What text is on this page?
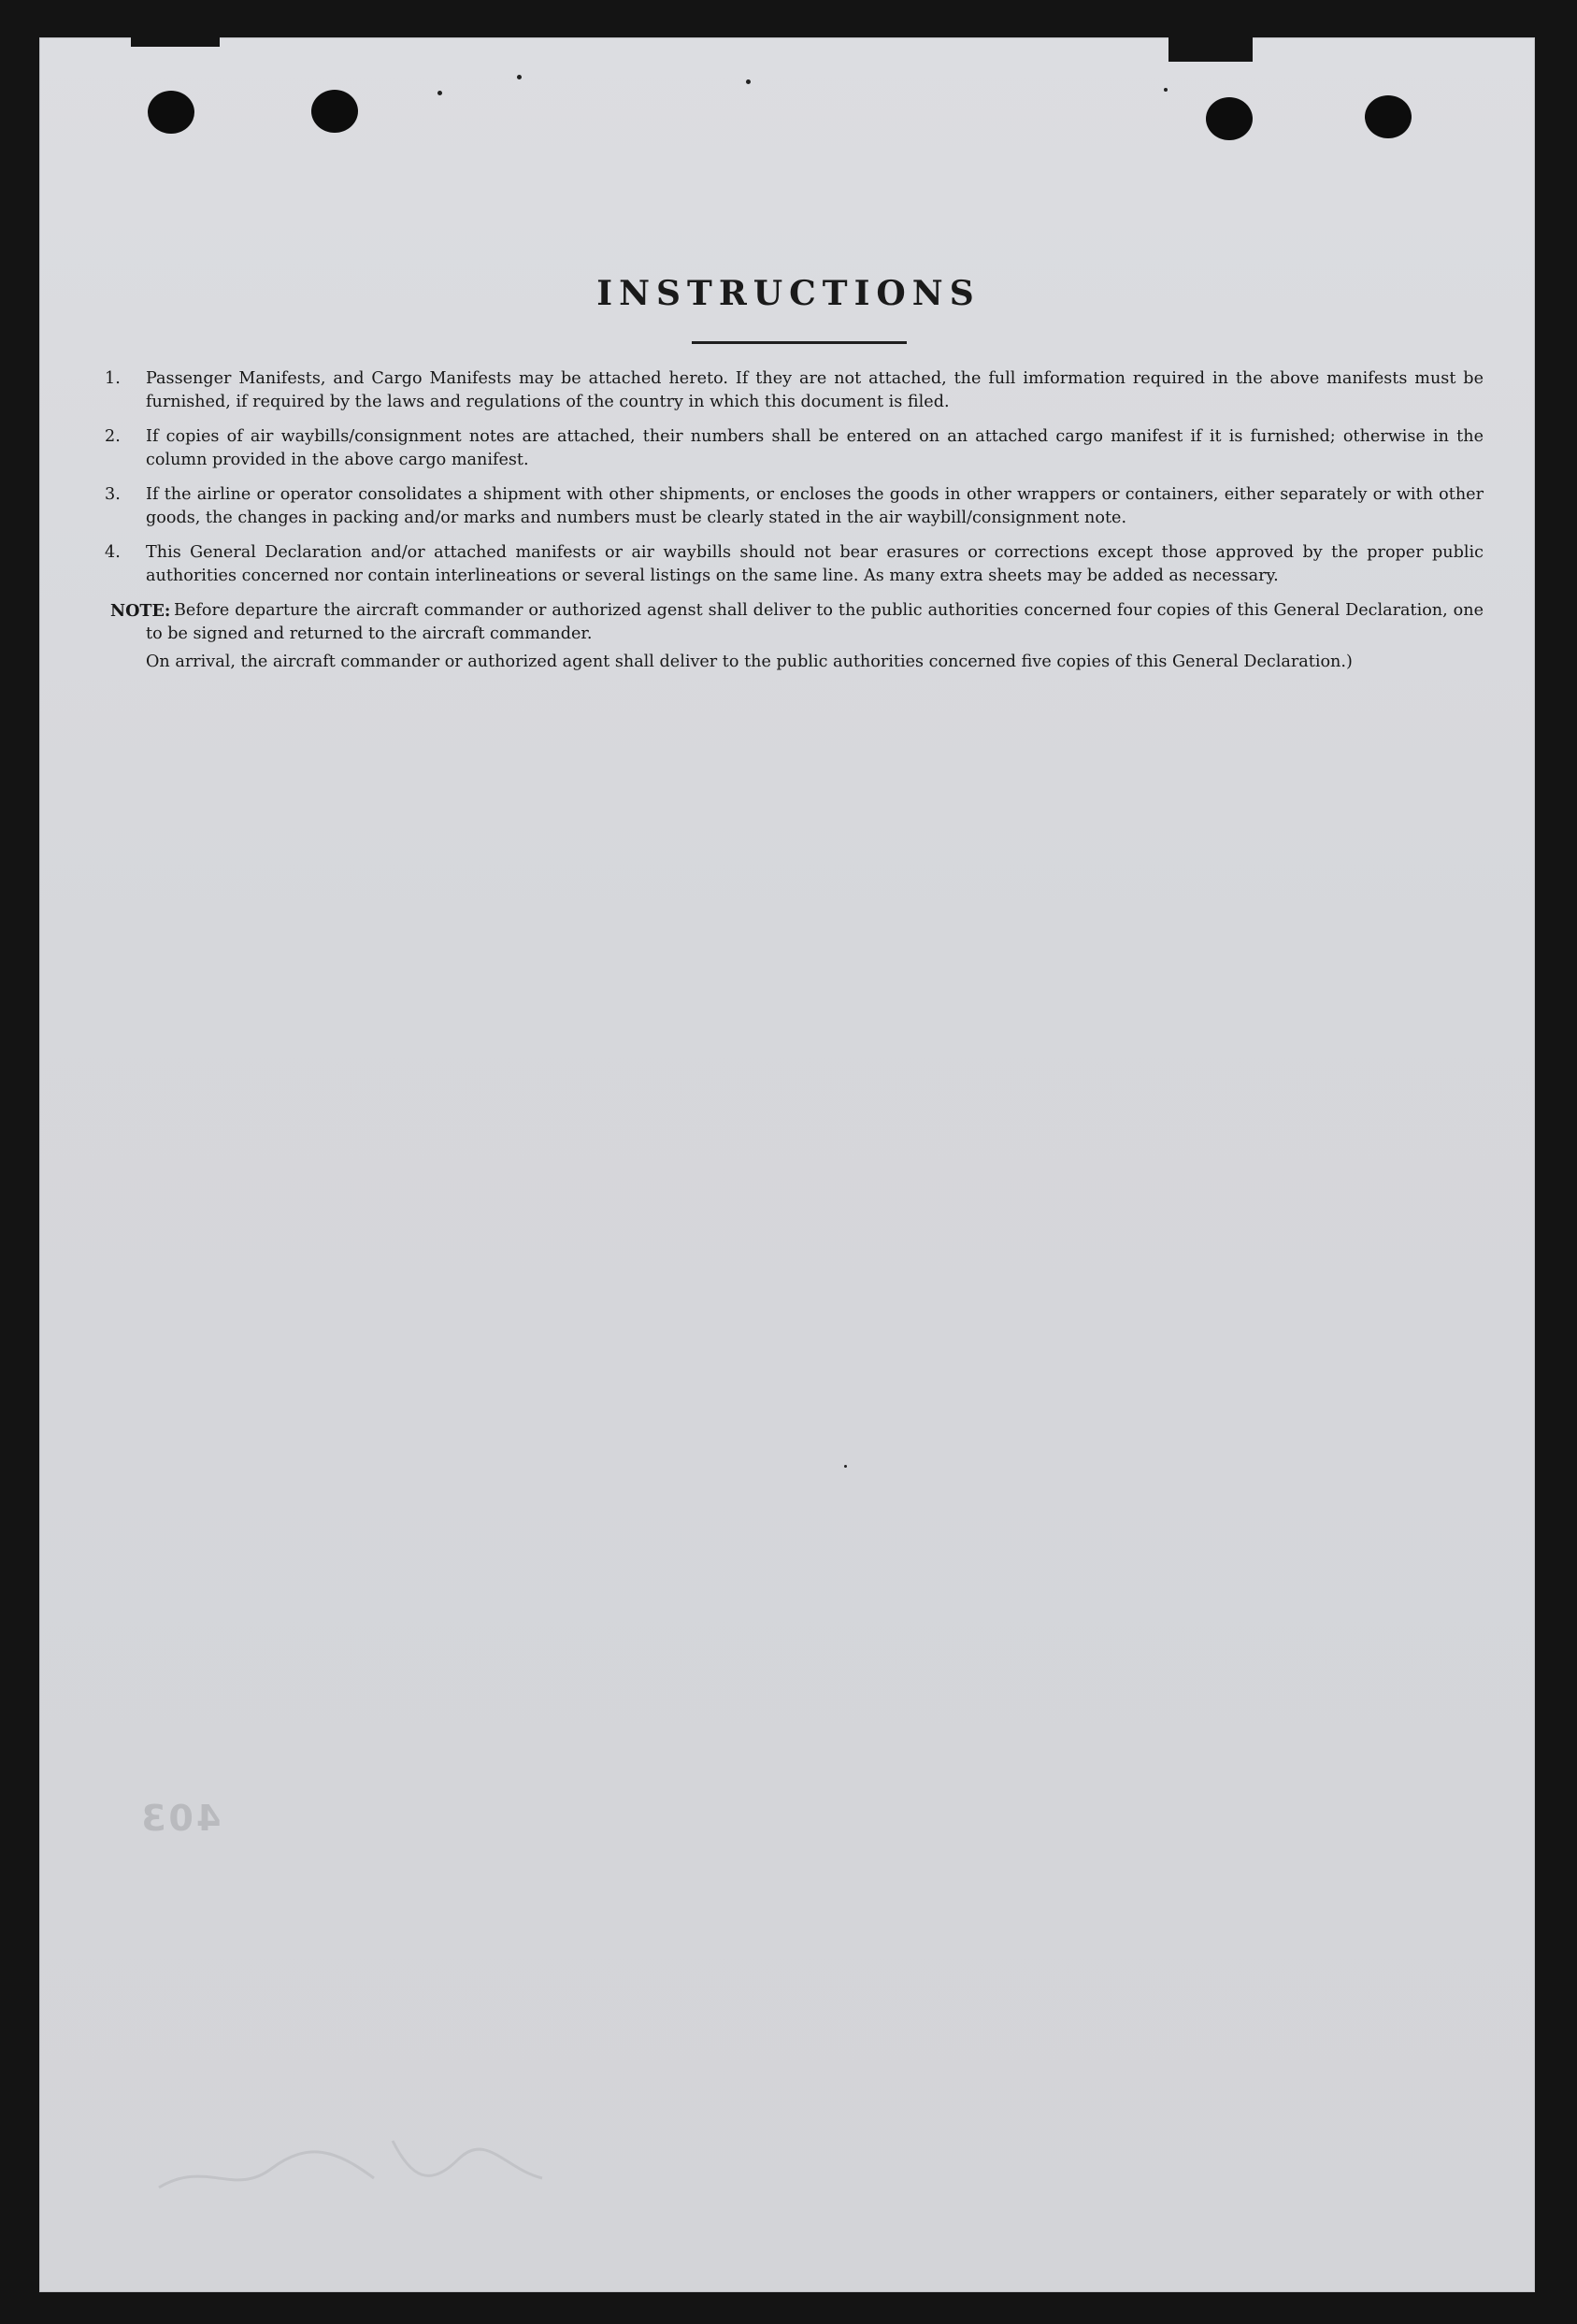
INSTRUCTIONS
1. Passenger Manifests, and Cargo Manifests may be attached hereto. If they are not attached, the full imformation required in the above manifests must be furnished, if required by the laws and regulations of the country in which this document is filed.
2. If copies of air waybills/consignment notes are attached, their numbers shall be entered on an attached cargo manifest if it is furnished; otherwise in the column provided in the above cargo manifest.
3. If the airline or operator consolidates a shipment with other shipments, or encloses the goods in other wrappers or containers, either separately or with other goods, the changes in packing and/or marks and numbers must be clearly stated in the air waybill/consignment note.
4. This General Declaration and/or attached manifests or air waybills should not bear erasures or corrections except those approved by the proper public authorities concerned nor contain interlineations or several listings on the same line. As many extra sheets may be added as necessary.
NOTE: Before departure the aircraft commander or authorized agenst shall deliver to the public authorities concerned four copies of this General Declaration, one to be signed and returned to the aircraft commander.

On arrival, the aircraft commander or authorized agent shall deliver to the public authorities concerned five copies of this General Declaration.)

403
